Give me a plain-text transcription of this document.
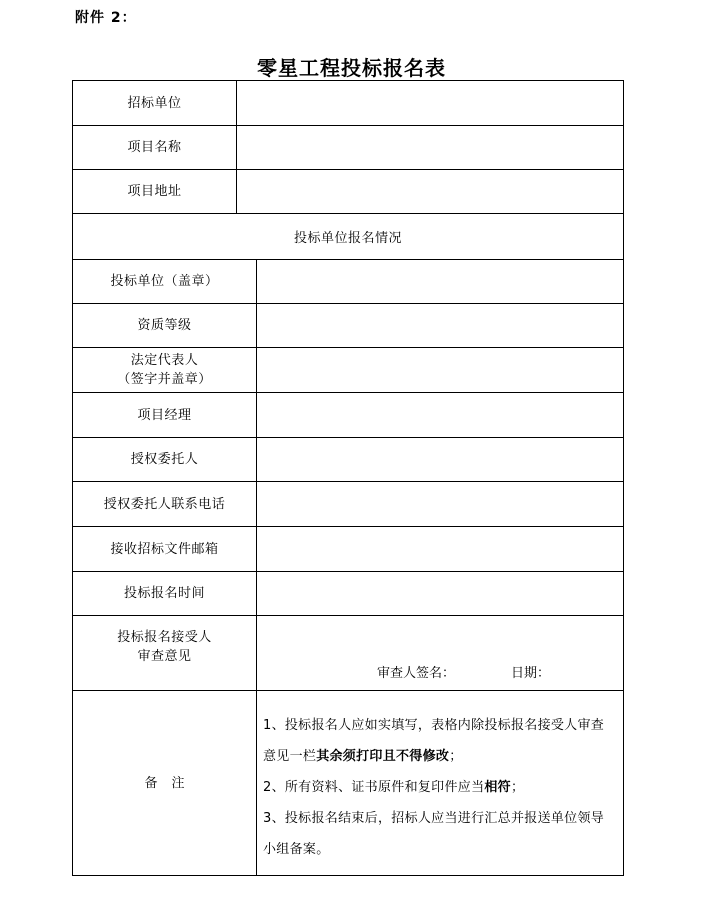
附件 2：
零星工程投标报名表
招标单位
项目名称
项目地址
投标单位报名情况
投标单位（盖章）
资质等级
法定代表人
（签字并盖章）
项目经理
授权委托人
授权委托人联系电话
接收招标文件邮箱
投标报名时间
投标报名接受人
审查意见
审查人签名：	日期：
备注

1、投标报名人应如实填写，表格内除投标报名接受人审查意见一栏其余须打印且不得修改；

2、所有资料、证书原件和复印件应当相符；

3、投标报名结束后，招标人应当进行汇总并报送单位领导小组备案。
